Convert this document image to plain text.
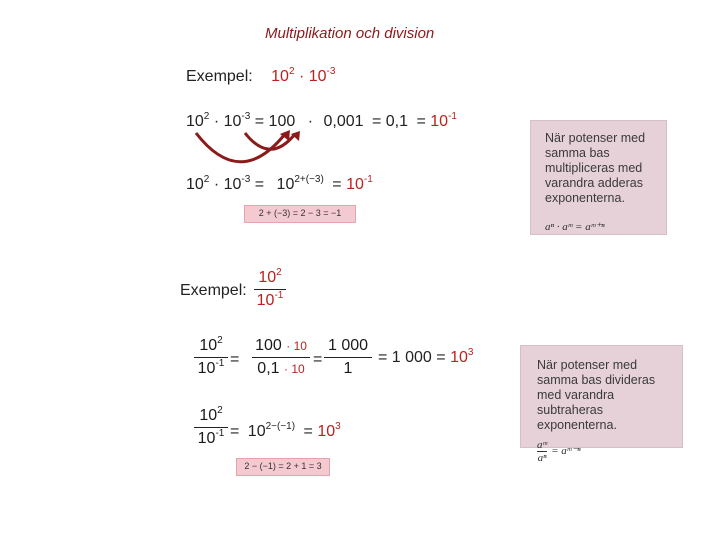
Multiplikation och division
Exempel: $10^2 \cdot 10^{-3}$
$10^2 \cdot 10^{-3} = 100 \cdot 0,001 = 0,1 = 10^{-1}$
$10^2 \cdot 10^{-3} = 10^{2+(-3)} = 10^{-1}$
2 + (−3) = 2 − 3 = −1
När potenser med samma bas multipliceras med varandra adderas exponenterna.
aⁿ · aᵐ = aᵐ⁺ⁿ
Exempel:
$10^2$
$10^{-1}$
$10^2$
$10^{-1}$ =
100 · 10
0,1 · 10
=
1 000
1
= 1 $000 = 10^3$
$10^2$
$10^{-1} = 10^{2-(-1)} = 10^3$
2 − (−1) = 2 + 1 = 3
När potenser med samma bas divideras med varandra subtraheras exponenterna.
$\frac{\text{aᵐ}}{\text{aⁿ}}$ = aᵐ⁻ⁿ
